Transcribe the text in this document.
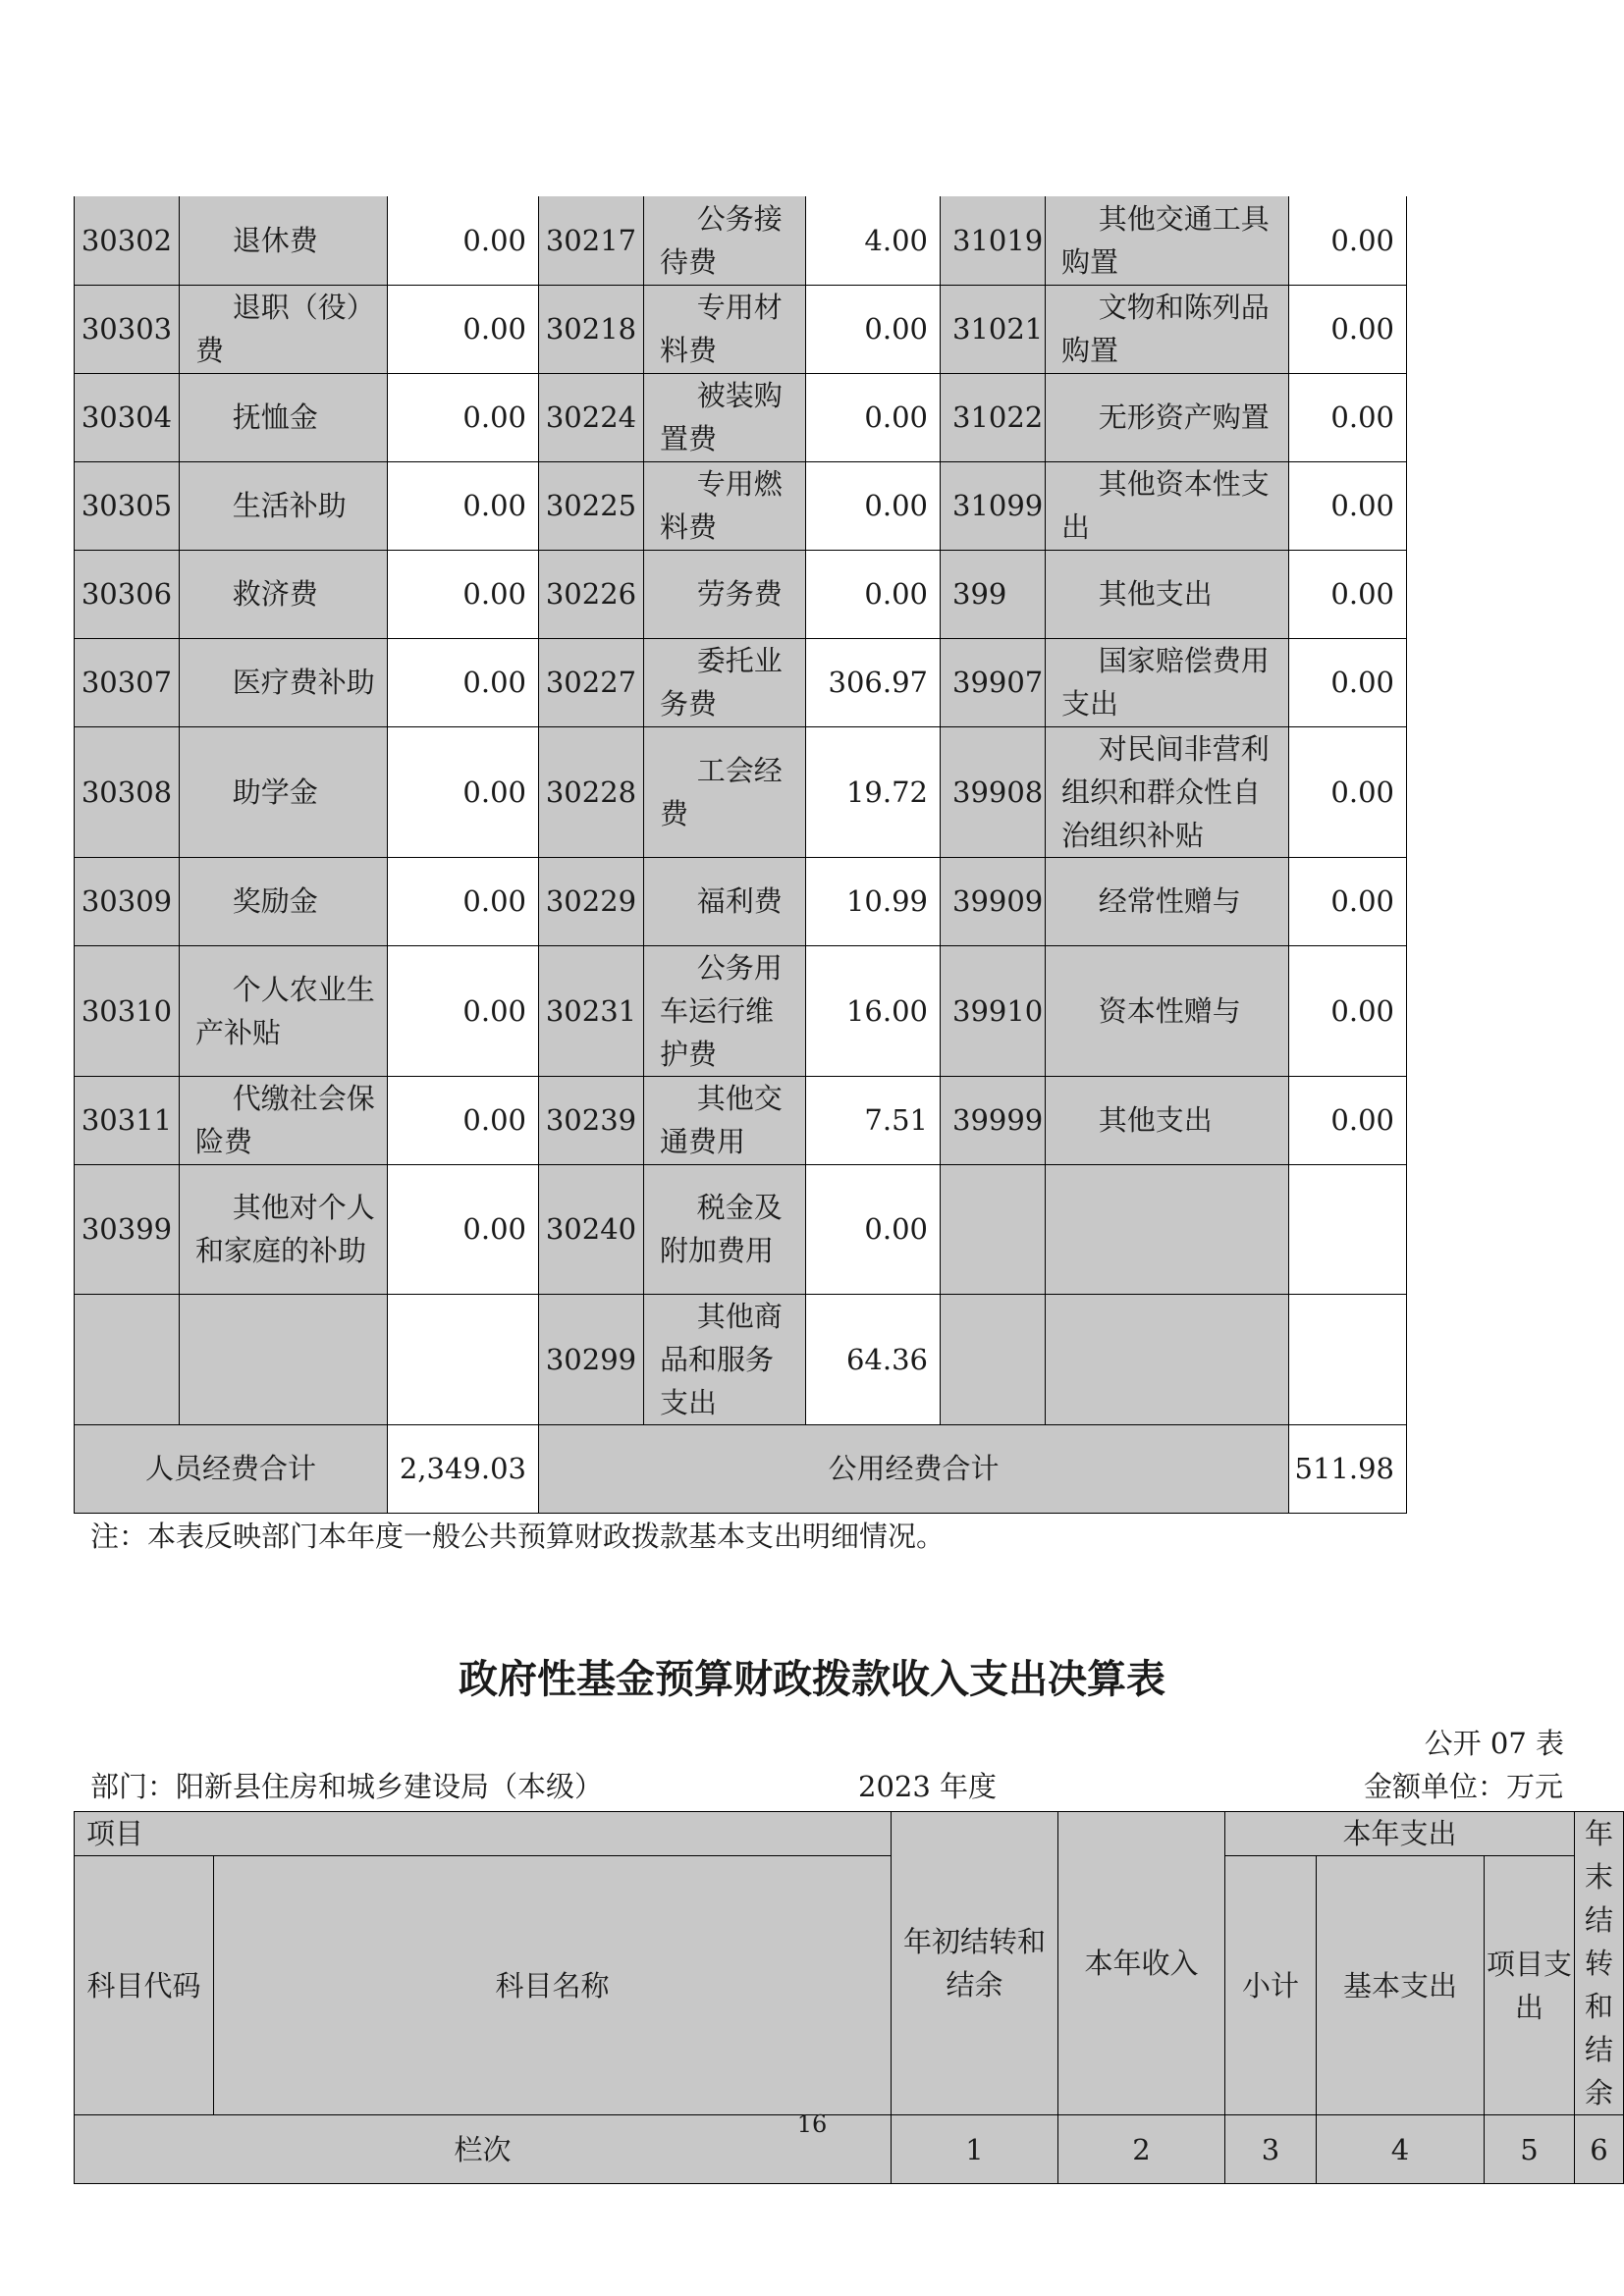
30302	退休费	0.00	30217	公务接待费	4.00	31019	其他交通工具购置	0.00
30303	退职（役）费	0.00	30218	专用材料费	0.00	31021	文物和陈列品购置	0.00
30304	抚恤金	0.00	30224	被装购置费	0.00	31022	无形资产购置	0.00
30305	生活补助	0.00	30225	专用燃料费	0.00	31099	其他资本性支出	0.00
30306	救济费	0.00	30226	劳务费	0.00	399	其他支出	0.00
30307	医疗费补助	0.00	30227	委托业务费	306.97	39907	国家赔偿费用支出	0.00
30308	助学金	0.00	30228	工会经费	19.72	39908	对民间非营利组织和群众性自治组织补贴	0.00
30309	奖励金	0.00	30229	福利费	10.99	39909	经常性赠与	0.00
30310	个人农业生产补贴	0.00	30231	公务用车运行维护费	16.00	39910	资本性赠与	0.00
30311	代缴社会保险费	0.00	30239	其他交通费用	7.51	39999	其他支出	0.00
30399	其他对个人和家庭的补助	0.00	30240	税金及附加费用	0.00			
			30299	其他商品和服务支出	64.36			
人员经费合计		2,349.03	公用经费合计					511.98
注：本表反映部门本年度一般公共预算财政拨款基本支出明细情况。
政府性基金预算财政拨款收入支出决算表
公开 07 表
部门：阳新县住房和城乡建设局（本级）	2023 年度	金额单位：万元
项目		年初结转和结余	本年收入	本年支出			年末结转和结余
科目代码	科目名称			小计	基本支出	项目支出	

栏次		1	2	3	4	5	6
16
